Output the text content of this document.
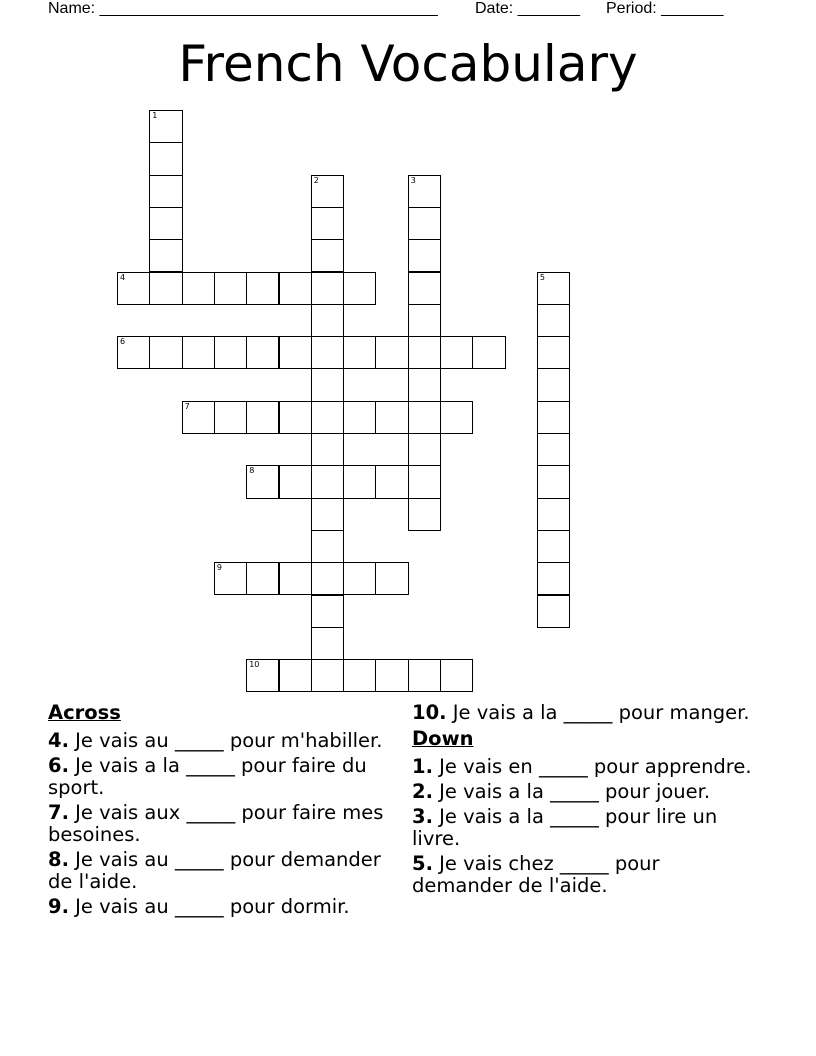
Name: ______________________________________ Date: _______ Period: _______
French Vocabulary
1
2	3
4	5
6
7
8
9
10
Across
4. Je vais au _____ pour m'habiller.
6. Je vais a la _____ pour faire du sport.
7. Je vais aux _____ pour faire mes besoines.
8. Je vais au _____ pour demander de l'aide.
9. Je vais au _____ pour dormir.
10. Je vais a la _____ pour manger.
Down
1. Je vais en _____ pour apprendre.
2. Je vais a la _____ pour jouer.
3. Je vais a la _____ pour lire un livre.
5. Je vais chez _____ pour demander de l'aide.
